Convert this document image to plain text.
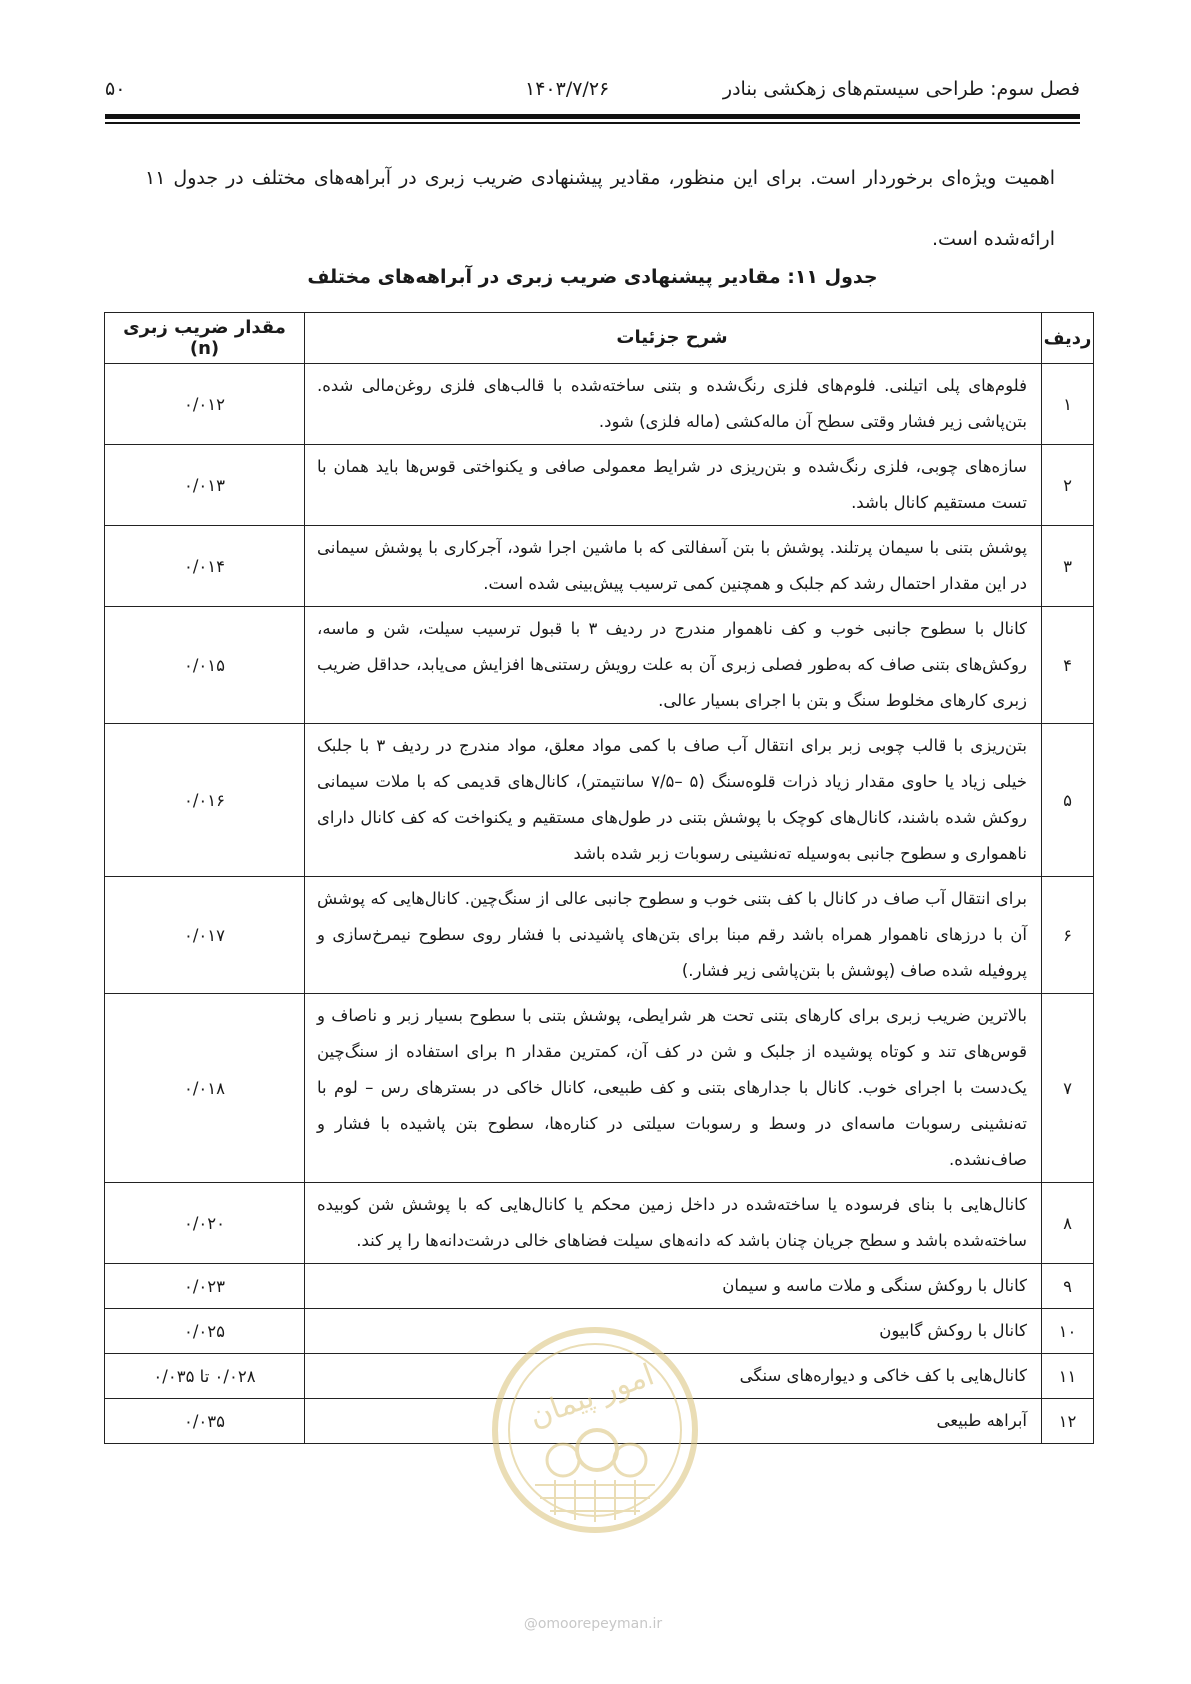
۵۰	۱۴۰۳/۷/۲۶	فصل سوم: طراحی سیستم‌های زهکشی بنادر

اهمیت ویژه‌ای برخوردار است. برای این منظور، مقادیر پیشنهادی ضریب زبری در آبراهه‌های مختلف در جدول ۱۱ ارائه‌شده است.

جدول ۱۱: مقادیر پیشنهادی ضریب زبری در آبراهه‌های مختلف
ردیف	شرح جزئیات	مقدار ضریب زبری (n)
۱	فلوم‌های پلی اتیلنی. فلوم‌های فلزی رنگ‌شده و بتنی ساخته‌شده با قالب‌های فلزی روغن‌مالی شده. بتن‌پاشی زیر فشار وقتی سطح آن ماله‌کشی (ماله فلزی) شود.	۰/۰۱۲
۲	سازه‌های چوبی، فلزی رنگ‌شده و بتن‌ریزی در شرایط معمولی صافی و یکنواختی قوس‌ها باید همان با تست مستقیم کانال باشد.	۰/۰۱۳
۳	پوشش بتنی با سیمان پرتلند. پوشش با بتن آسفالتی که با ماشین اجرا شود، آجرکاری با پوشش سیمانی در این مقدار احتمال رشد کم جلبک و همچنین کمی ترسیب پیش‌بینی شده است.	۰/۰۱۴
۴	کانال با سطوح جانبی خوب و کف ناهموار مندرج در ردیف ۳ با قبول ترسیب سیلت، شن و ماسه، روکش‌های بتنی صاف که به‌طور فصلی زبری آن به علت رویش رستنی‌ها افزایش می‌یابد، حداقل ضریب زبری کارهای مخلوط سنگ و بتن با اجرای بسیار عالی.	۰/۰۱۵
۵	بتن‌ریزی با قالب چوبی زبر برای انتقال آب صاف با کمی مواد معلق، مواد مندرج در ردیف ۳ با جلبک خیلی زیاد یا حاوی مقدار زیاد ذرات قلوه‌سنگ (۵ –۷/۵ سانتیمتر)، کانال‌های قدیمی که با ملات سیمانی روکش شده باشند، کانال‌های کوچک با پوشش بتنی در طول‌های مستقیم و یکنواخت که کف کانال دارای ناهمواری و سطوح جانبی به‌وسیله ته‌نشینی رسوبات زبر شده باشد	۰/۰۱۶
۶	برای انتقال آب صاف در کانال با کف بتنی خوب و سطوح جانبی عالی از سنگ‌چین. کانال‌هایی که پوشش آن با درزهای ناهموار همراه باشد رقم مبنا برای بتن‌های پاشیدنی با فشار روی سطوح نیمرخ‌سازی و پروفیله شده صاف (پوشش با بتن‌پاشی زیر فشار.)	۰/۰۱۷
۷	بالاترین ضریب زبری برای کارهای بتنی تحت هر شرایطی، پوشش بتنی با سطوح بسیار زبر و ناصاف و قوس‌های تند و کوتاه پوشیده از جلبک و شن در کف آن، کمترین مقدار n برای استفاده از سنگ‌چین یک‌دست با اجرای خوب. کانال با جدارهای بتنی و کف طبیعی، کانال خاکی در بسترهای رس – لوم با ته‌نشینی رسوبات ماسه‌ای در وسط و رسوبات سیلتی در کناره‌ها، سطوح بتن پاشیده با فشار و صاف‌نشده.	۰/۰۱۸
۸	کانال‌هایی با بنای فرسوده یا ساخته‌شده در داخل زمین محکم یا کانال‌هایی که با پوشش شن کوبیده ساخته‌شده باشد و سطح جریان چنان باشد که دانه‌های سیلت فضاهای خالی درشت‌دانه‌ها را پر کند.	۰/۰۲۰
۹	کانال با روکش سنگی و ملات ماسه و سیمان	۰/۰۲۳
۱۰	کانال با روکش گابیون	۰/۰۲۵
۱۱	کانال‌هایی با کف خاکی و دیواره‌های سنگی	۰/۰۲۸ تا ۰/۰۳۵
۱۲	آبراهه طبیعی	۰/۰۳۵	امور پیمان
@omoorepeyman.ir
